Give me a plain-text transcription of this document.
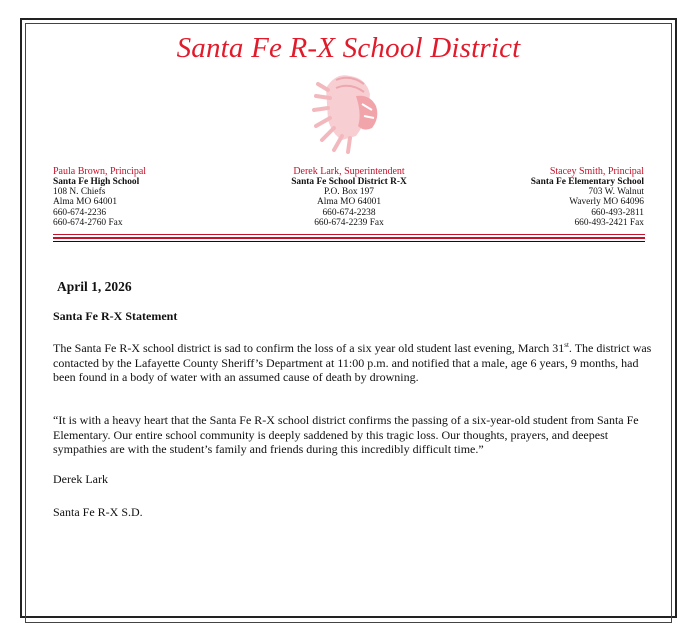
Santa Fe R-X School District
Paula Brown, Principal
Santa Fe High School
108 N. Chiefs
Alma MO 64001
660-674-2236
660-674-2760 Fax
Derek Lark, Superintendent
Santa Fe School District R-X
P.O. Box 197
Alma MO 64001
660-674-2238
660-674-2239 Fax
Stacey Smith, Principal
Santa Fe Elementary School
703 W. Walnut
Waverly MO 64096
660-493-2811
660-493-2421 Fax
April 1, 2026
Santa Fe R-X Statement
The Santa Fe R-X school district is sad to confirm the loss of a six year old student last evening, March 31st. The district was contacted by the Lafayette County Sheriff’s Department at 11:00 p.m. and notified that a male, age 6 years, 9 months, had been found in a body of water with an assumed cause of death by drowning.
“It is with a heavy heart that the Santa Fe R-X school district confirms the passing of a six-year-old student from Santa Fe Elementary. Our entire school community is deeply saddened by this tragic loss. Our thoughts, prayers, and deepest sympathies are with the student’s family and friends during this incredibly difficult time.”
Derek Lark
Santa Fe R-X S.D.
